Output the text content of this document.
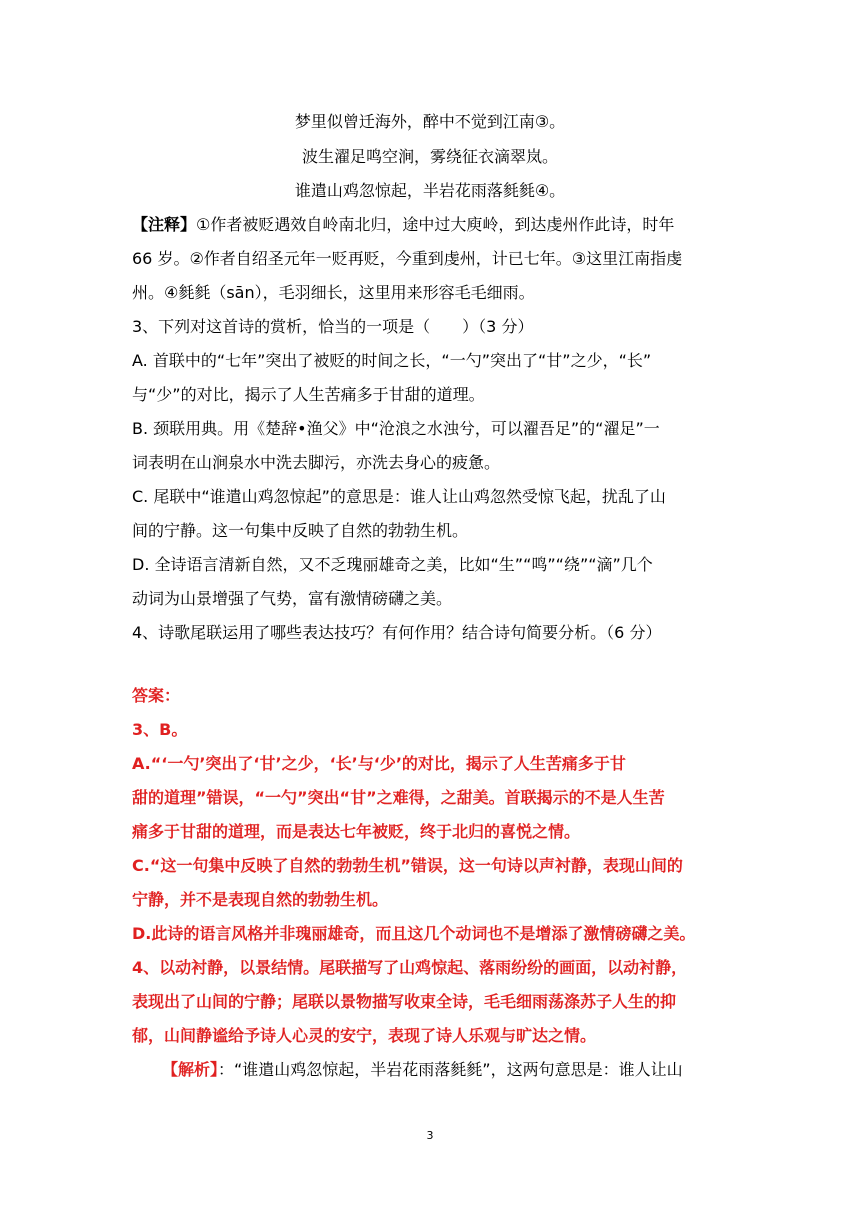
梦里似曾迁海外，醉中不觉到江南③。
波生濯足鸣空涧，雾绕征衣滴翠岚。
谁遣山鸡忽惊起，半岩花雨落毵毵④。
【注释】①作者被贬遇效自岭南北归，途中过大庾岭，到达虔州作此诗，时年
66 岁。②作者自绍圣元年一贬再贬，今重到虔州，计已七年。③这里江南指虔
州。④毵毵（sān），毛羽细长，这里用来形容毛毛细雨。
3、下列对这首诗的赏析，恰当的一项是（　　）（3 分）
A. 首联中的“七年”突出了被贬的时间之长，“一勺”突出了“甘”之少，“长”
与“少”的对比，揭示了人生苦痛多于甘甜的道理。
B. 颈联用典。用《楚辞•渔父》中“沧浪之水浊兮，可以濯吾足”的“濯足”一
词表明在山涧泉水中洗去脚污，亦洗去身心的疲惫。
C. 尾联中“谁遣山鸡忽惊起”的意思是：谁人让山鸡忽然受惊飞起，扰乱了山
间的宁静。这一句集中反映了自然的勃勃生机。
D. 全诗语言清新自然，又不乏瑰丽雄奇之美，比如“生”“鸣”“绕”“滴”几个
动词为山景增强了气势，富有激情磅礴之美。
4、诗歌尾联运用了哪些表达技巧？有何作用？结合诗句简要分析。（6 分）
答案：
3、B。
A.“‘一勺’突出了‘甘’之少，‘长’与‘少’的对比，揭示了人生苦痛多于甘
甜的道理”错误，“一勺”突出“甘”之难得，之甜美。首联揭示的不是人生苦
痛多于甘甜的道理，而是表达七年被贬，终于北归的喜悦之情。
C.“这一句集中反映了自然的勃勃生机”错误，这一句诗以声衬静，表现山间的
宁静，并不是表现自然的勃勃生机。
D.此诗的语言风格并非瑰丽雄奇，而且这几个动词也不是增添了激情磅礴之美。
4、以动衬静，以景结情。尾联描写了山鸡惊起、落雨纷纷的画面，以动衬静，
表现出了山间的宁静；尾联以景物描写收束全诗，毛毛细雨荡涤苏子人生的抑
郁，山间静谧给予诗人心灵的安宁，表现了诗人乐观与旷达之情。
【解析】：“谁遣山鸡忽惊起，半岩花雨落毵毵”，这两句意思是：谁人让山
3
